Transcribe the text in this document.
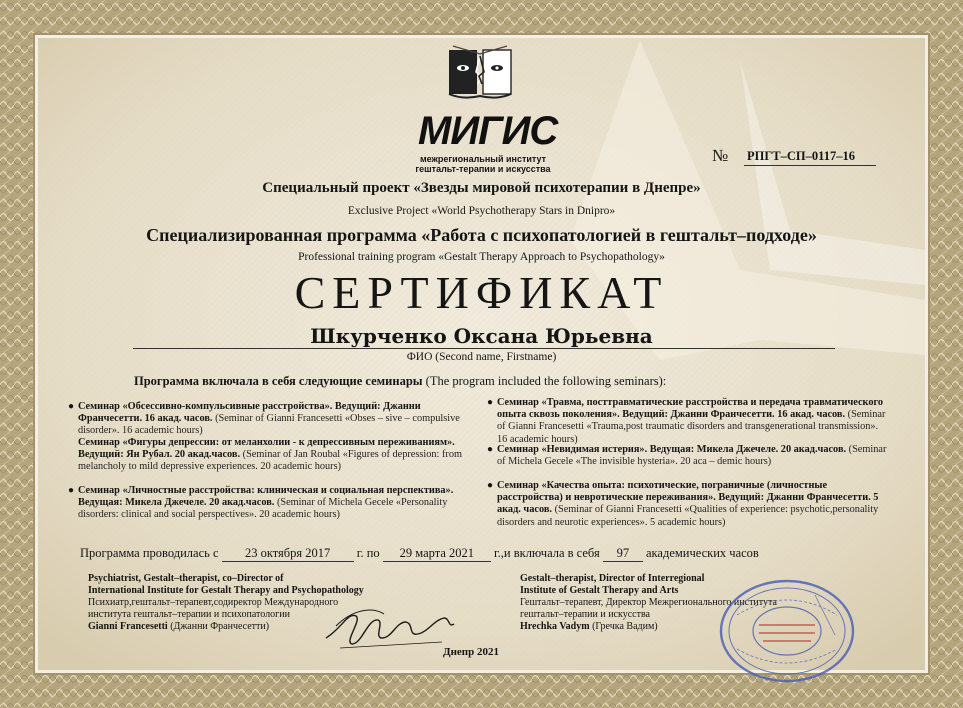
МИГИС
межрегиональный институт
гештальт-терапии и искусства
№ РПГТ–СП–0117–16
Специальный проект «Звезды мировой психотерапии в Днепре»
Exclusive Project «World Psychotherapy Stars in Dnipro»
Специализированная программа «Работа с психопатологией в гештальт–подходе»
Professional training program «Gestalt Therapy Approach to Psychopathology»
СЕРТИФИКАТ
Шкурченко Оксана Юрьевна
ФИО (Second name, Firstname)
Программа включала в себя следующие семинары (The program included the following seminars):
● Семинар «Обсессивно-компульсивные расстройства». Ведущий: Джанни Франчесетти. 16 акад. часов. (Seminar of Gianni Francesetti «Obses – sive – compulsive disorder». 16 academic hours)
Семинар «Фигуры депрессии: от меланхолии - к депрессивным переживаниям». Ведущий: Ян Рубал. 20 акад.часов. (Seminar of Jan Roubal «Figures of depression: from melancholy to mild depressive experiences. 20 academic hours)
● Семинар «Личностные расстройства: клиническая и социальная перспектива». Ведущая: Микела Джечеле. 20 акад.часов. (Seminar of Michela Gecele «Personality disorders: clinical and social perspectives». 20 academic hours)
● Семинар «Травма, посттравматические расстройства и передача травматического опыта сквозь поколения». Ведущий: Джанни Франчесетти. 16 акад. часов. (Seminar of Gianni Francesetti «Trauma,post traumatic disorders and transgenerational transmission». 16 academic hours)
● Семинар «Невидимая истерия». Ведущая: Микела Джечеле. 20 акад.часов. (Seminar of Michela Gecele «The invisible hysteria». 20 aca – demic hours)
● Семинар «Качества опыта: психотические, пограничные (личностные расстройства) и невротические переживания». Ведущий: Джанни Франчесетти. 5 акад. часов. (Seminar of Gianni Francesetti «Qualities of experience: psychotic,personality disorders and neurotic experiences». 5 academic hours)
Программа проводилась с 23 октября 2017 г. по 29 марта 2021 г.,и включала в себя 97 академических часов
Psychiatrist, Gestalt–therapist, co–Director of
International Institute for Gestalt Therapy and Psychopathology
Психиатр,гештальт–терапевт,содиректор Международного
института гештальт–терапии и психопатологии
Gianni Francesetti (Джанни Франчесетти)
Gestalt–therapist, Director of Interregional
Institute of Gestalt Therapy and Arts
Гештальт–терапевт, Директор Межрегионального института
гештальт–терапии и искусства
Hrechka Vadym (Гречка Вадим)
Днепр 2021
